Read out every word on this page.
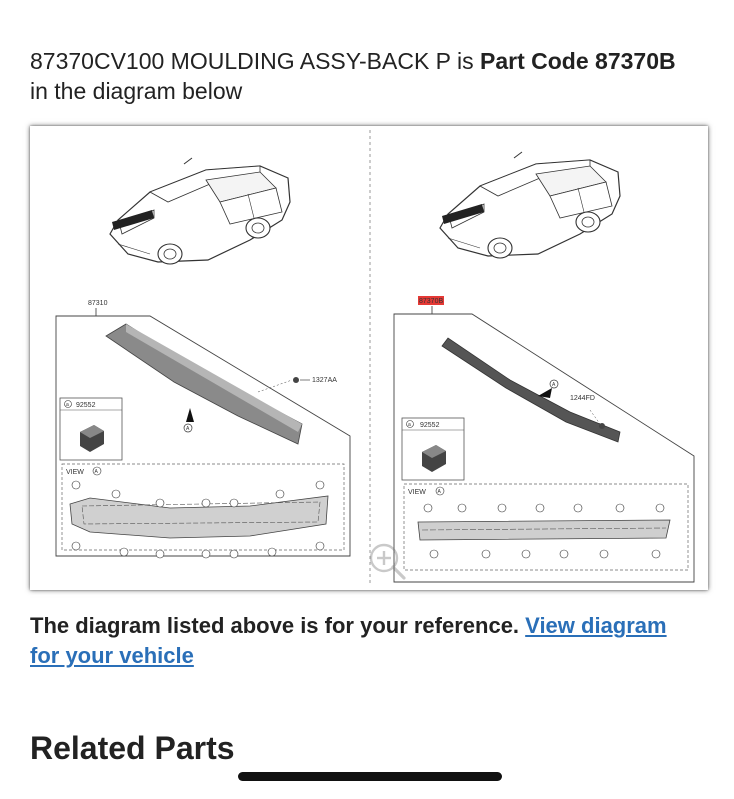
87370CV100 MOULDING ASSY-BACK P is Part Code 87370B
in the diagram below
87310
1327AA
A
a 92552
VIEW A
87370B
1244FD
A
a 92552
VIEW A
The diagram listed above is for your reference. View diagram for your vehicle
Related Parts
